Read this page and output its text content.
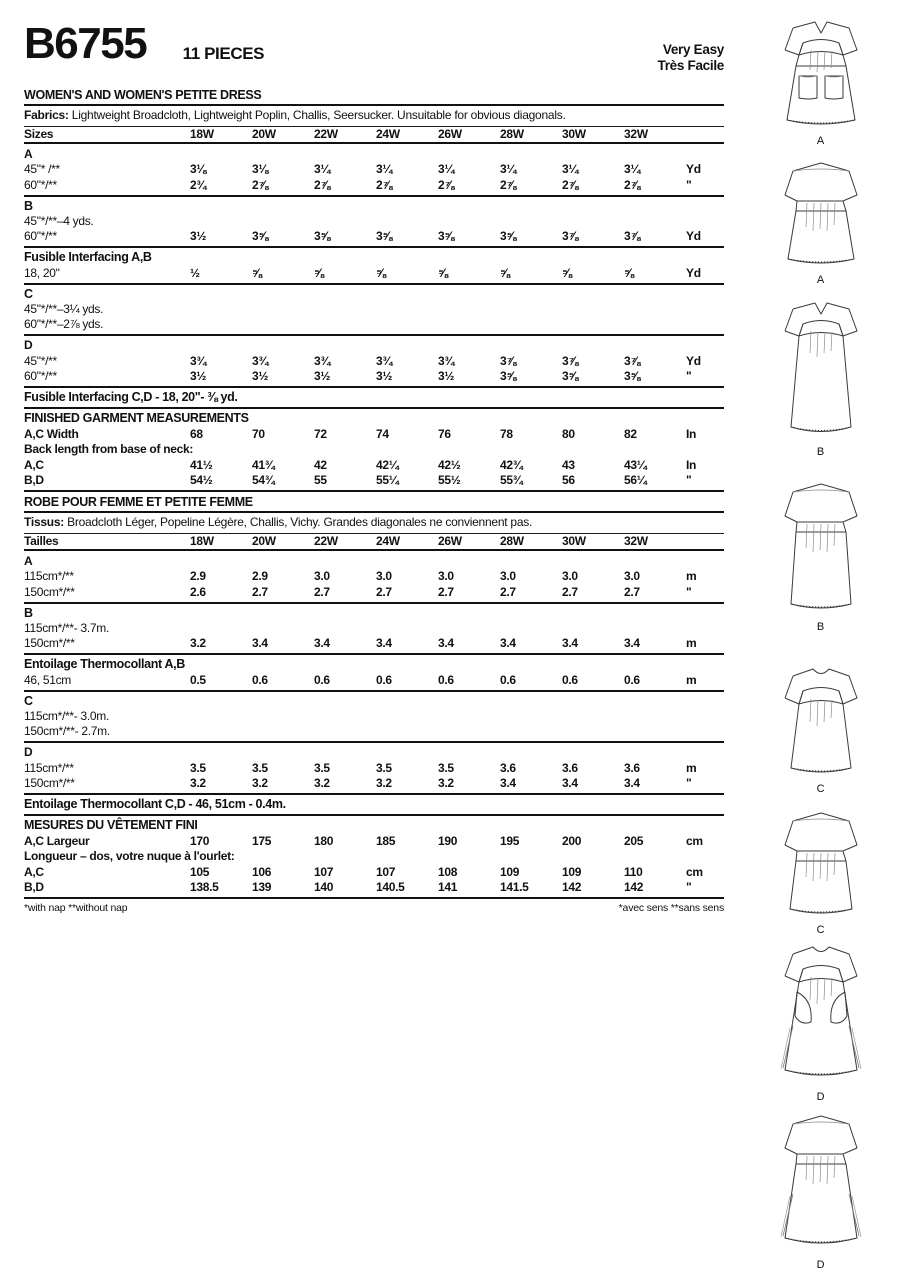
B6755 11 PIECES	Very Easy
Très Facile
WOMEN'S AND WOMEN'S PETITE DRESS
Fabrics: Lightweight Broadcloth, Lightweight Poplin, Challis, Seersucker. Unsuitable for obvious diagonals.
Sizes	18W	20W	22W	24W	26W	28W	30W	32W	
A									
45"* /**	3⅛	3⅛	3¼	3¼	3¼	3¼	3¼	3¼	Yd
60"*/**	2¾	2⅞	2⅞	2⅞	2⅞	2⅞	2⅞	2⅞	"
B
45"*/**–4 yds.
60"*/**	3½	3⅝	3⅝	3⅝	3⅝	3⅝	3⅞	3⅞	Yd
Fusible Interfacing A,B
18, 20"	½	⅝	⅝	⅝	⅝	⅝	⅝	⅝	Yd
C
45"*/**–3¼ yds.
60"*/**–2⅞ yds.
D									
45"*/**	3¾	3¾	3¾	3¾	3¾	3⅞	3⅞	3⅞	Yd
60"*/**	3½	3½	3½	3½	3½	3⅝	3⅝	3⅝	"
Fusible Interfacing C,D - 18, 20"- ⅜ yd.
FINISHED GARMENT MEASUREMENTS
A,C Width	68	70	72	74	76	78	80	82	In
Back length from base of neck:									
A,C	41½	41¾	42	42¼	42½	42¾	43	43¼	In
B,D	54½	54¾	55	55¼	55½	55¾	56	56¼	"
ROBE POUR FEMME ET PETITE FEMME
Tissus: Broadcloth Léger, Popeline Légère, Challis, Vichy. Grandes diagonales ne conviennent pas.
Tailles	18W	20W	22W	24W	26W	28W	30W	32W	
A									
115cm*/**	2.9	2.9	3.0	3.0	3.0	3.0	3.0	3.0	m
150cm*/**	2.6	2.7	2.7	2.7	2.7	2.7	2.7	2.7	"
B
115cm*/**- 3.7m.
150cm*/**	3.2	3.4	3.4	3.4	3.4	3.4	3.4	3.4	m
Entoilage Thermocollant A,B
46, 51cm	0.5	0.6	0.6	0.6	0.6	0.6	0.6	0.6	m
C
115cm*/**- 3.0m.
150cm*/**- 2.7m.
D									
115cm*/**	3.5	3.5	3.5	3.5	3.5	3.6	3.6	3.6	m
150cm*/**	3.2	3.2	3.2	3.2	3.2	3.4	3.4	3.4	"
Entoilage Thermocollant C,D - 46, 51cm - 0.4m.
MESURES DU VÊTEMENT FINI
A,C Largeur	170	175	180	185	190	195	200	205	cm
Longueur – dos, votre nuque à l'ourlet:									
A,C	105	106	107	107	108	109	109	110	cm
B,D	138.5	139	140	140.5	141	141.5	142	142	"
*with nap **without nap	*avec sens **sans sens
A
A
B
B
C
C
D
D
